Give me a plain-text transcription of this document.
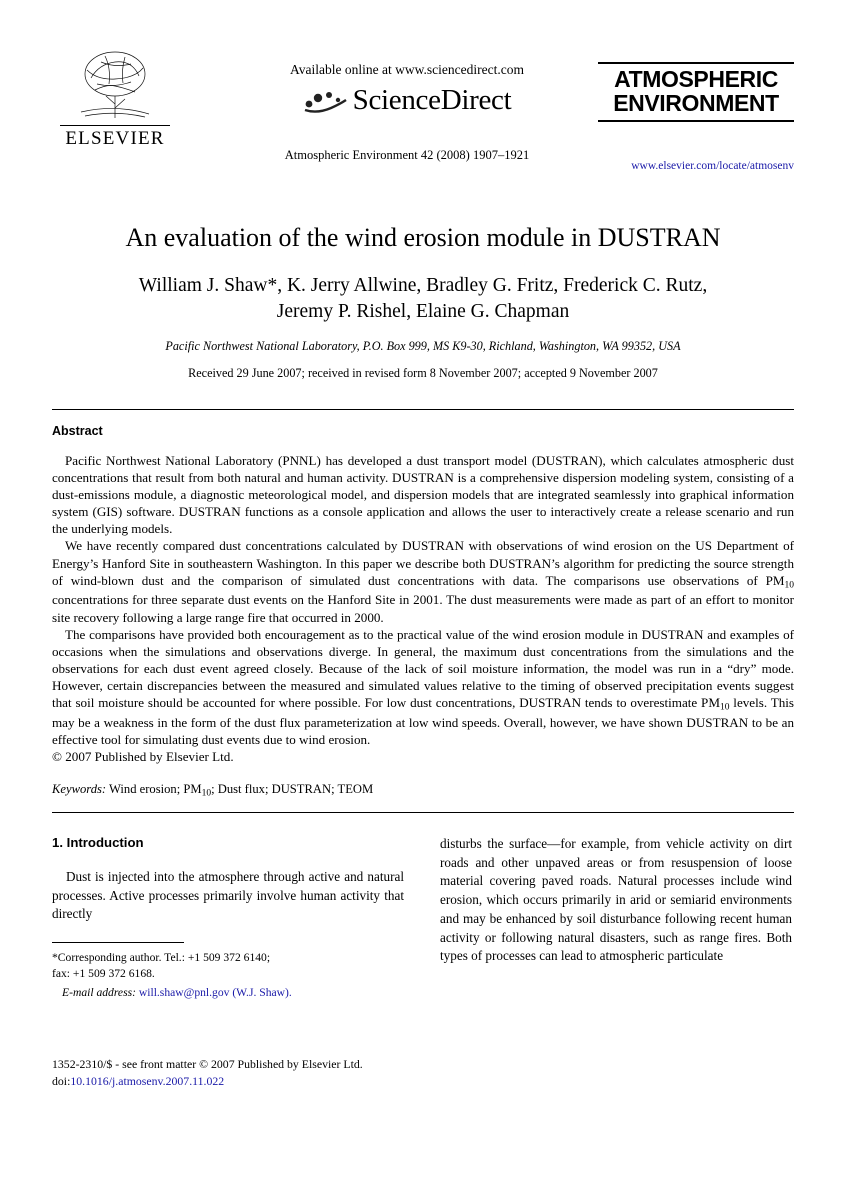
ELSEVIER
Available online at www.sciencedirect.com
ScienceDirect
Atmospheric Environment 42 (2008) 1907–1921
ATMOSPHERIC
ENVIRONMENT
www.elsevier.com/locate/atmosenv
An evaluation of the wind erosion module in DUSTRAN
William J. Shaw*, K. Jerry Allwine, Bradley G. Fritz, Frederick C. Rutz,
Jeremy P. Rishel, Elaine G. Chapman
Pacific Northwest National Laboratory, P.O. Box 999, MS K9-30, Richland, Washington, WA 99352, USA
Received 29 June 2007; received in revised form 8 November 2007; accepted 9 November 2007
Abstract

Pacific Northwest National Laboratory (PNNL) has developed a dust transport model (DUSTRAN), which calculates atmospheric dust concentrations that result from both natural and human activity. DUSTRAN is a comprehensive dispersion modeling system, consisting of a dust-emissions module, a diagnostic meteorological model, and dispersion models that are integrated seamlessly into graphical information system (GIS) software. DUSTRAN functions as a console application and allows the user to interactively create a release scenario and run the underlying models.

We have recently compared dust concentrations calculated by DUSTRAN with observations of wind erosion on the US Department of Energy’s Hanford Site in southeastern Washington. In this paper we describe both DUSTRAN’s algorithm for predicting the source strength of wind-blown dust and the comparison of simulated dust concentrations with data. The comparisons use observations of $PM_{10}$ concentrations for three separate dust events on the Hanford Site in 2001. The dust measurements were made as part of an effort to monitor site recovery following a large range fire that occurred in 2000.

The comparisons have provided both encouragement as to the practical value of the wind erosion module in DUSTRAN and examples of occasions when the simulations and observations diverge. In general, the maximum dust concentrations from the simulations and the observations for each dust event agreed closely. Because of the lack of soil moisture information, the model was run in a “dry” mode. However, certain discrepancies between the measured and simulated values relative to the timing of observed precipitation events suggest that soil moisture should be accounted for where possible. For low dust concentrations, DUSTRAN tends to overestimate $PM_{10}$ levels. This may be a weakness in the form of the dust flux parameterization at low wind speeds. Overall, however, we have shown DUSTRAN to be an effective tool for simulating dust events due to wind erosion.

© 2007 Published by Elsevier Ltd.

Keywords: Wind erosion; $PM_{10}$; Dust flux; DUSTRAN; TEOM
1. Introduction

Dust is injected into the atmosphere through active and natural processes. Active processes primarily involve human activity that directly

*Corresponding author. Tel.: +1 509 372 6140;
fax: +1 509 372 6168.
E-mail address: will.shaw@pnl.gov (W.J. Shaw).

disturbs the surface—for example, from vehicle activity on dirt roads and other unpaved areas or from resuspension of loose material covering paved roads. Natural processes include wind erosion, which occurs primarily in arid or semiarid environments and may be enhanced by soil disturbance following recent human activity or following natural disasters, such as range fires. Both types of processes can lead to atmospheric particulate

1352-2310/$ - see front matter © 2007 Published by Elsevier Ltd.
doi:10.1016/j.atmosenv.2007.11.022
